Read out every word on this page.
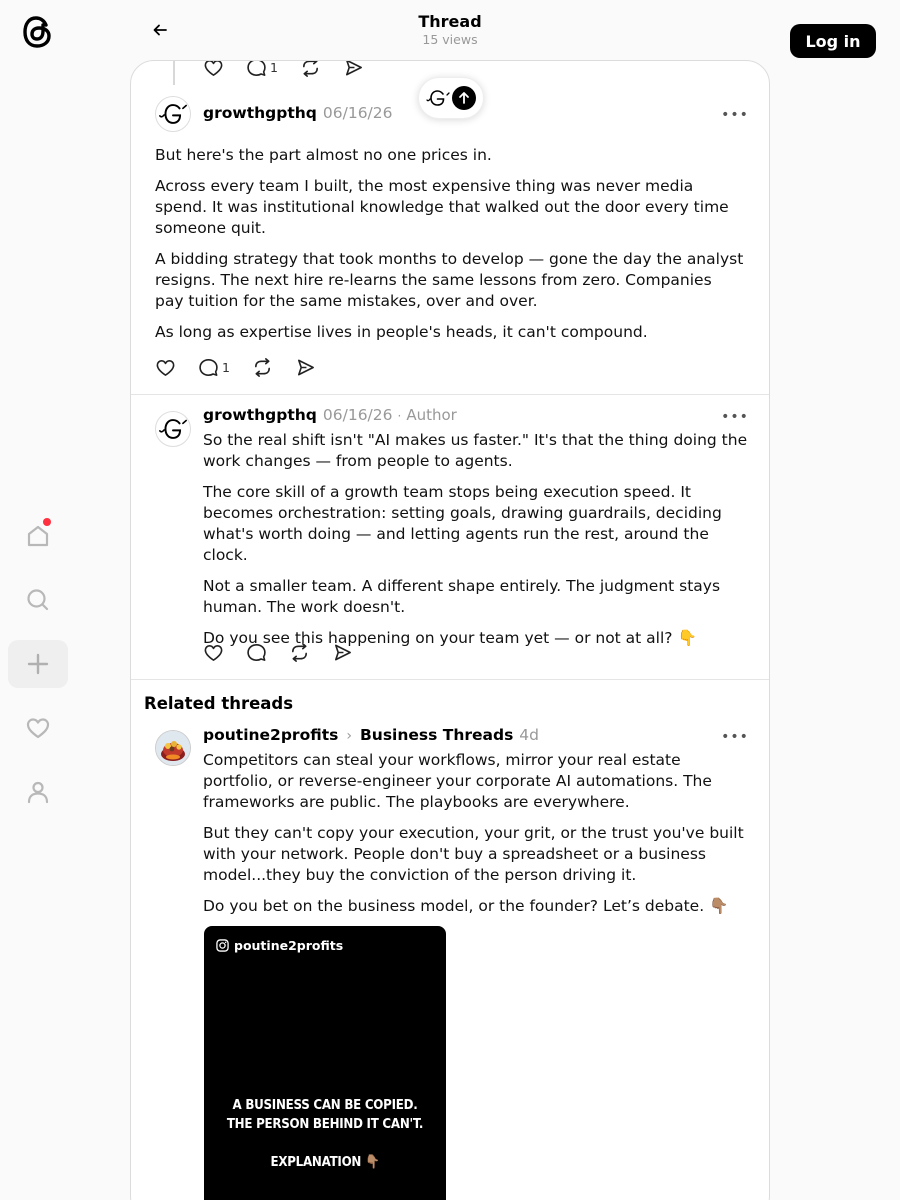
Thread
15 views	Log in
1
growthgpthq 06/16/26	•••

But here's the part almost no one prices in.

Across every team I built, the most expensive thing was never media spend. It was institutional knowledge that walked out the door every time someone quit.

A bidding strategy that took months to develop — gone the day the analyst resigns. The next hire re-learns the same lessons from zero. Companies pay tuition for the same mistakes, over and over.

As long as expertise lives in people's heads, it can't compound.

1
growthgpthq 06/16/26 · Author	•••

So the real shift isn't "AI makes us faster." It's that the thing doing the work changes — from people to agents.

The core skill of a growth team stops being execution speed. It becomes orchestration: setting goals, drawing guardrails, deciding what's worth doing — and letting agents run the rest, around the clock.

Not a smaller team. A different shape entirely. The judgment stays human. The work doesn't.

Do you see this happening on your team yet — or not at all? 👇

Related threads
poutine2profits › Business Threads 4d	•••

Competitors can steal your workflows, mirror your real estate portfolio, or reverse-engineer your corporate AI automations. The frameworks are public. The playbooks are everywhere.

But they can't copy your execution, your grit, or the trust you've built with your network. People don't buy a spreadsheet or a business model...they buy the conviction of the person driving it.

Do you bet on the business model, or the founder? Let’s debate. 👇🏽

poutine2profits
A BUSINESS CAN BE COPIED.
THE PERSON BEHIND IT CAN'T.
EXPLANATION 👇🏽
